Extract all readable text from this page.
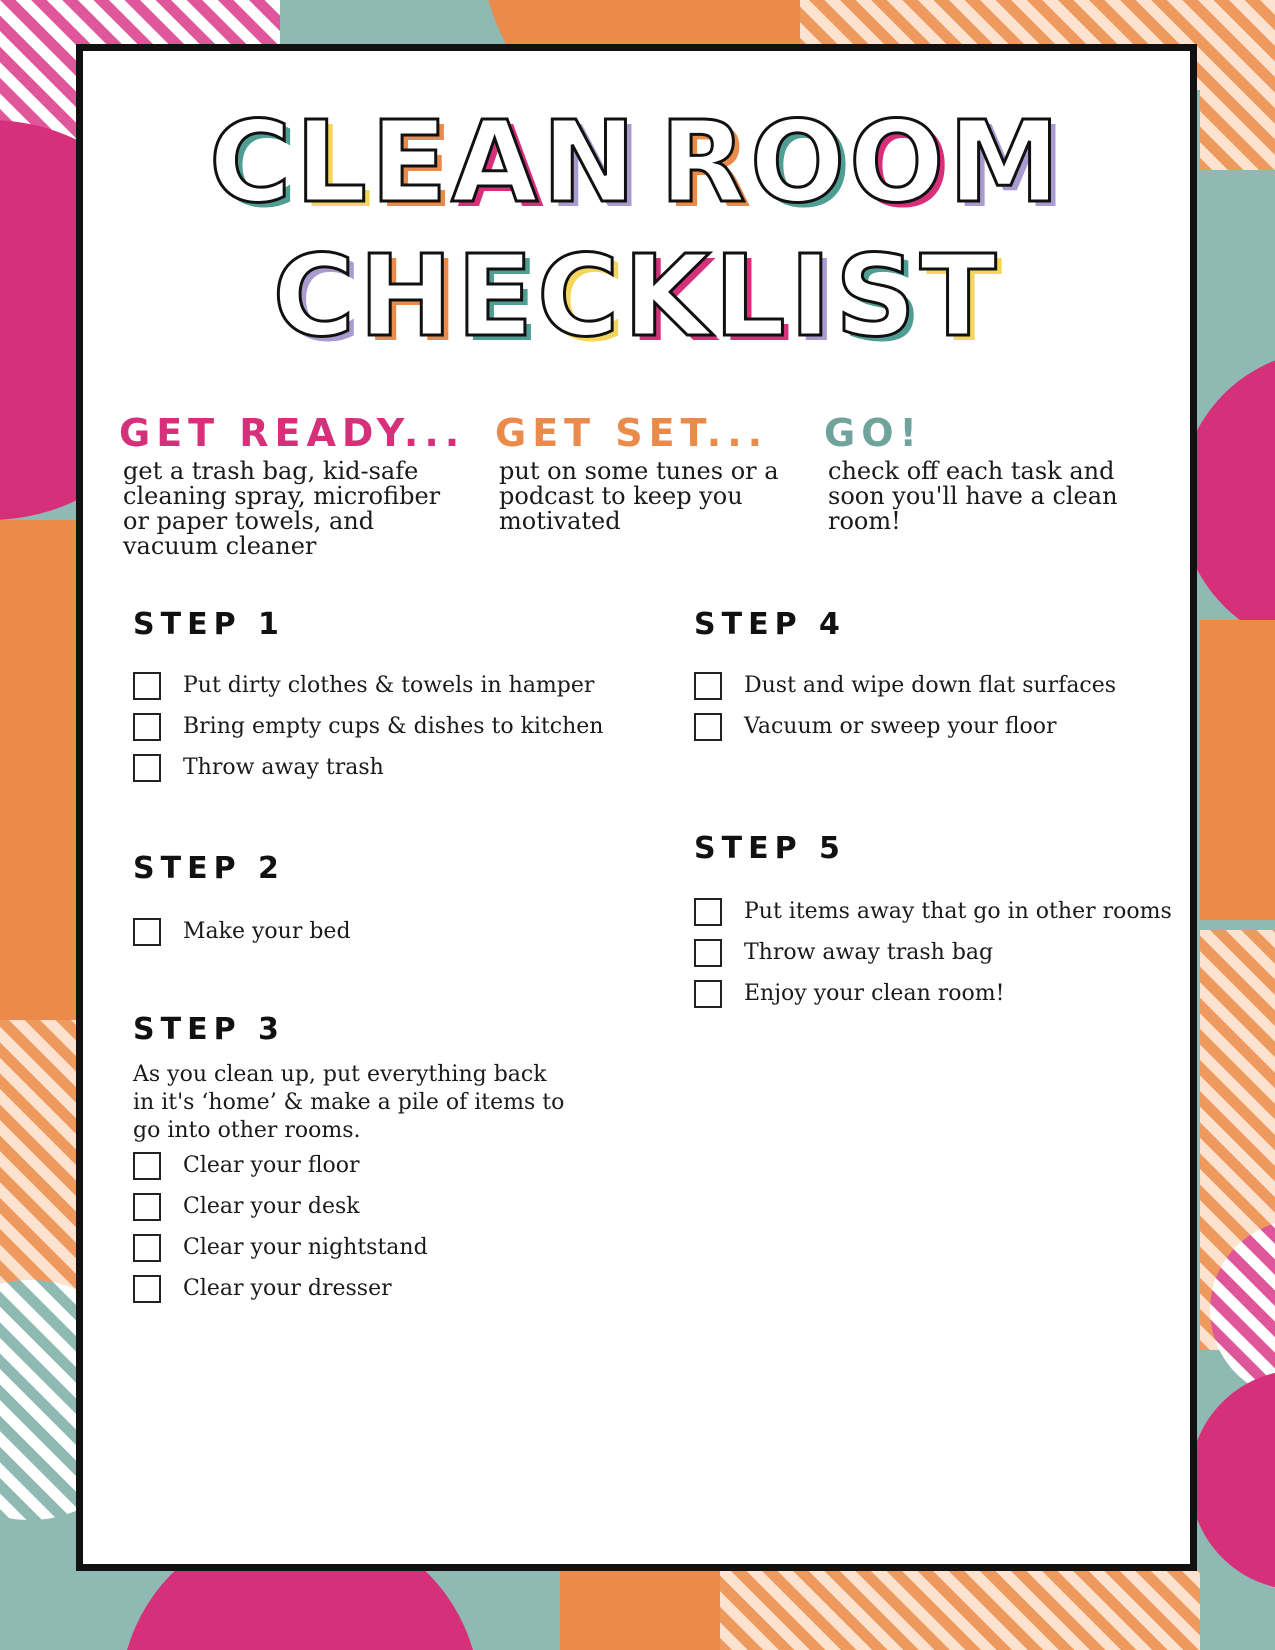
C L E A N R O O M
C H E C K L I S T
GET READY...

get a trash bag, kid-safe cleaning spray, microfiber or paper towels, and vacuum cleaner

GET SET...

put on some tunes or a podcast to keep you motivated

GO!

check off each task and soon you'll have a clean room!

STEP 1
Put dirty clothes & towels in hamper
Bring empty cups & dishes to kitchen
Throw away trash
STEP 2
Make your bed
STEP 3

As you clean up, put everything back in it's ‘home’ & make a pile of items to go into other rooms.

Clear your floor
Clear your desk
Clear your nightstand
Clear your dresser
STEP 4
Dust and wipe down flat surfaces
Vacuum or sweep your floor
STEP 5
Put items away that go in other rooms
Throw away trash bag
Enjoy your clean room!
